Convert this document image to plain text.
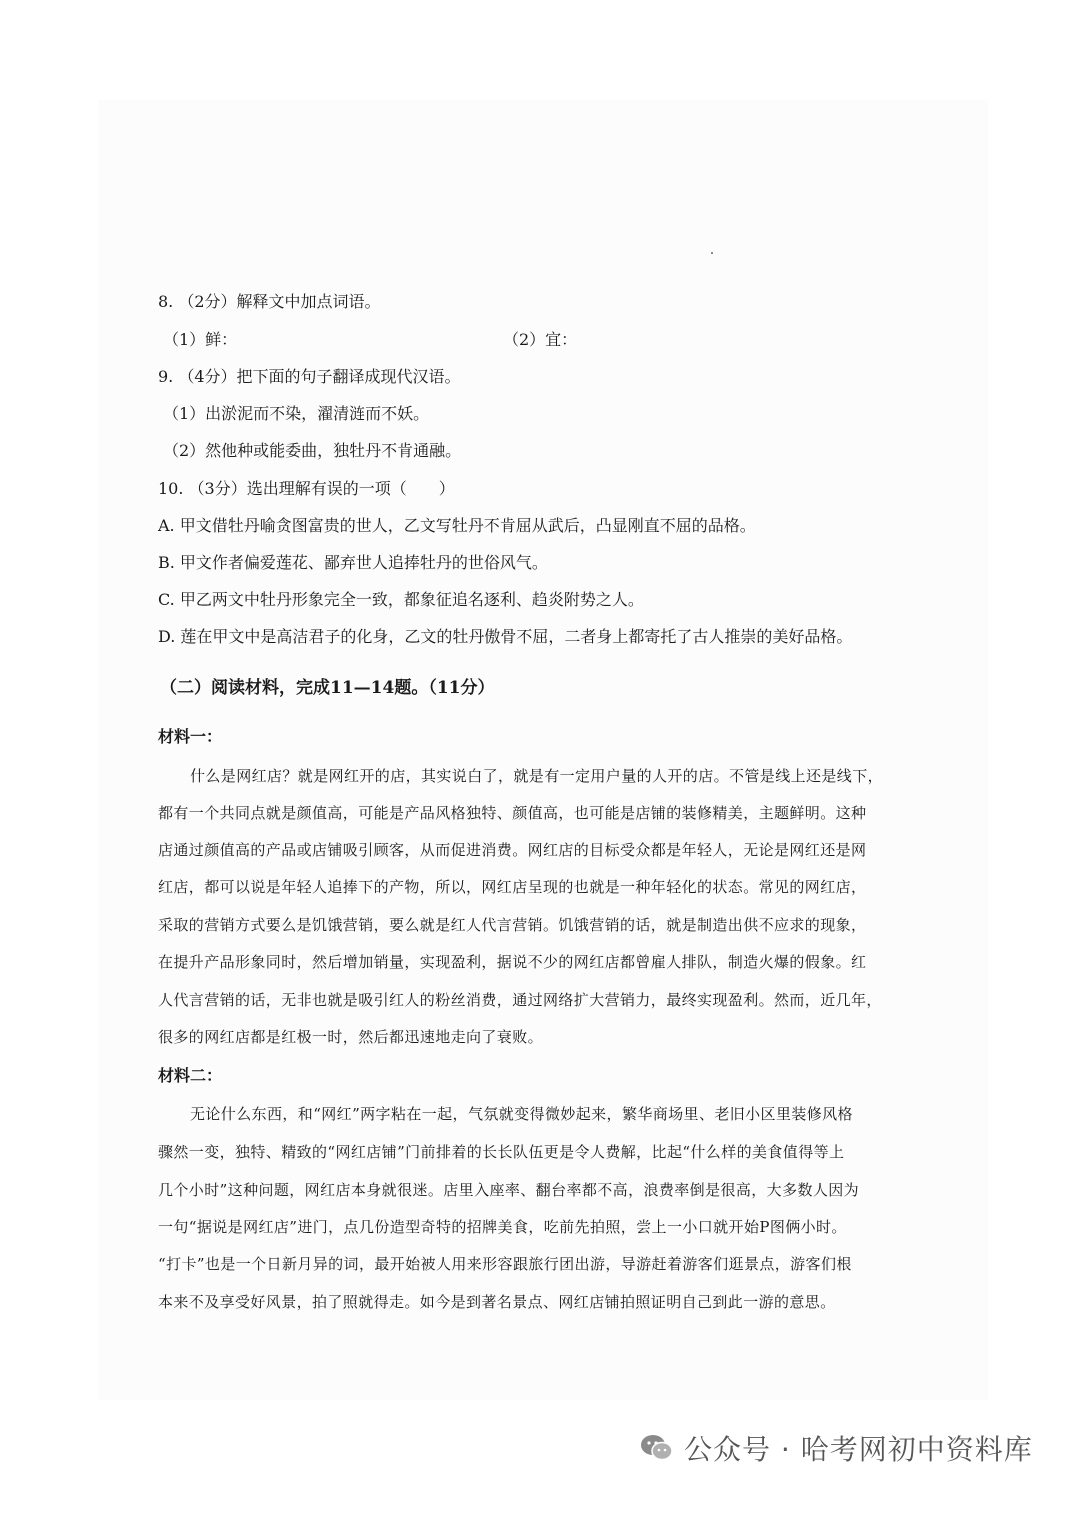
8. （2分）解释文中加点词语。
（1）鲜：	（2）宜：
9. （4分）把下面的句子翻译成现代汉语。
（1）出淤泥而不染，濯清涟而不妖。
（2）然他种或能委曲，独牡丹不肯通融。
10. （3分）选出理解有误的一项（　　）
A. 甲文借牡丹喻贪图富贵的世人，乙文写牡丹不肯屈从武后，凸显刚直不屈的品格。
B. 甲文作者偏爱莲花、鄙弃世人追捧牡丹的世俗风气。
C. 甲乙两文中牡丹形象完全一致，都象征追名逐利、趋炎附势之人。
D. 莲在甲文中是高洁君子的化身，乙文的牡丹傲骨不屈，二者身上都寄托了古人推崇的美好品格。
（二）阅读材料，完成11—14题。（11分）
材料一：
什么是网红店？就是网红开的店，其实说白了，就是有一定用户量的人开的店。不管是线上还是线下，
都有一个共同点就是颜值高，可能是产品风格独特、颜值高，也可能是店铺的装修精美，主题鲜明。这种
店通过颜值高的产品或店铺吸引顾客，从而促进消费。网红店的目标受众都是年轻人，无论是网红还是网
红店，都可以说是年轻人追捧下的产物，所以，网红店呈现的也就是一种年轻化的状态。常见的网红店，
采取的营销方式要么是饥饿营销，要么就是红人代言营销。饥饿营销的话，就是制造出供不应求的现象，
在提升产品形象同时，然后增加销量，实现盈利，据说不少的网红店都曾雇人排队，制造火爆的假象。红
人代言营销的话，无非也就是吸引红人的粉丝消费，通过网络扩大营销力，最终实现盈利。然而，近几年，
很多的网红店都是红极一时，然后都迅速地走向了衰败。
材料二：
无论什么东西，和“网红”两字粘在一起，气氛就变得微妙起来，繁华商场里、老旧小区里装修风格
骤然一变，独特、精致的“网红店铺”门前排着的长长队伍更是令人费解，比起“什么样的美食值得等上
几个小时”这种问题，网红店本身就很迷。店里入座率、翻台率都不高，浪费率倒是很高，大多数人因为
一句“据说是网红店”进门，点几份造型奇特的招牌美食，吃前先拍照，尝上一小口就开始P图俩小时。
“打卡”也是一个日新月异的词，最开始被人用来形容跟旅行团出游，导游赶着游客们逛景点，游客们根
本来不及享受好风景，拍了照就得走。如今是到著名景点、网红店铺拍照证明自己到此一游的意思。
公众号 · 哈考网初中资料库
